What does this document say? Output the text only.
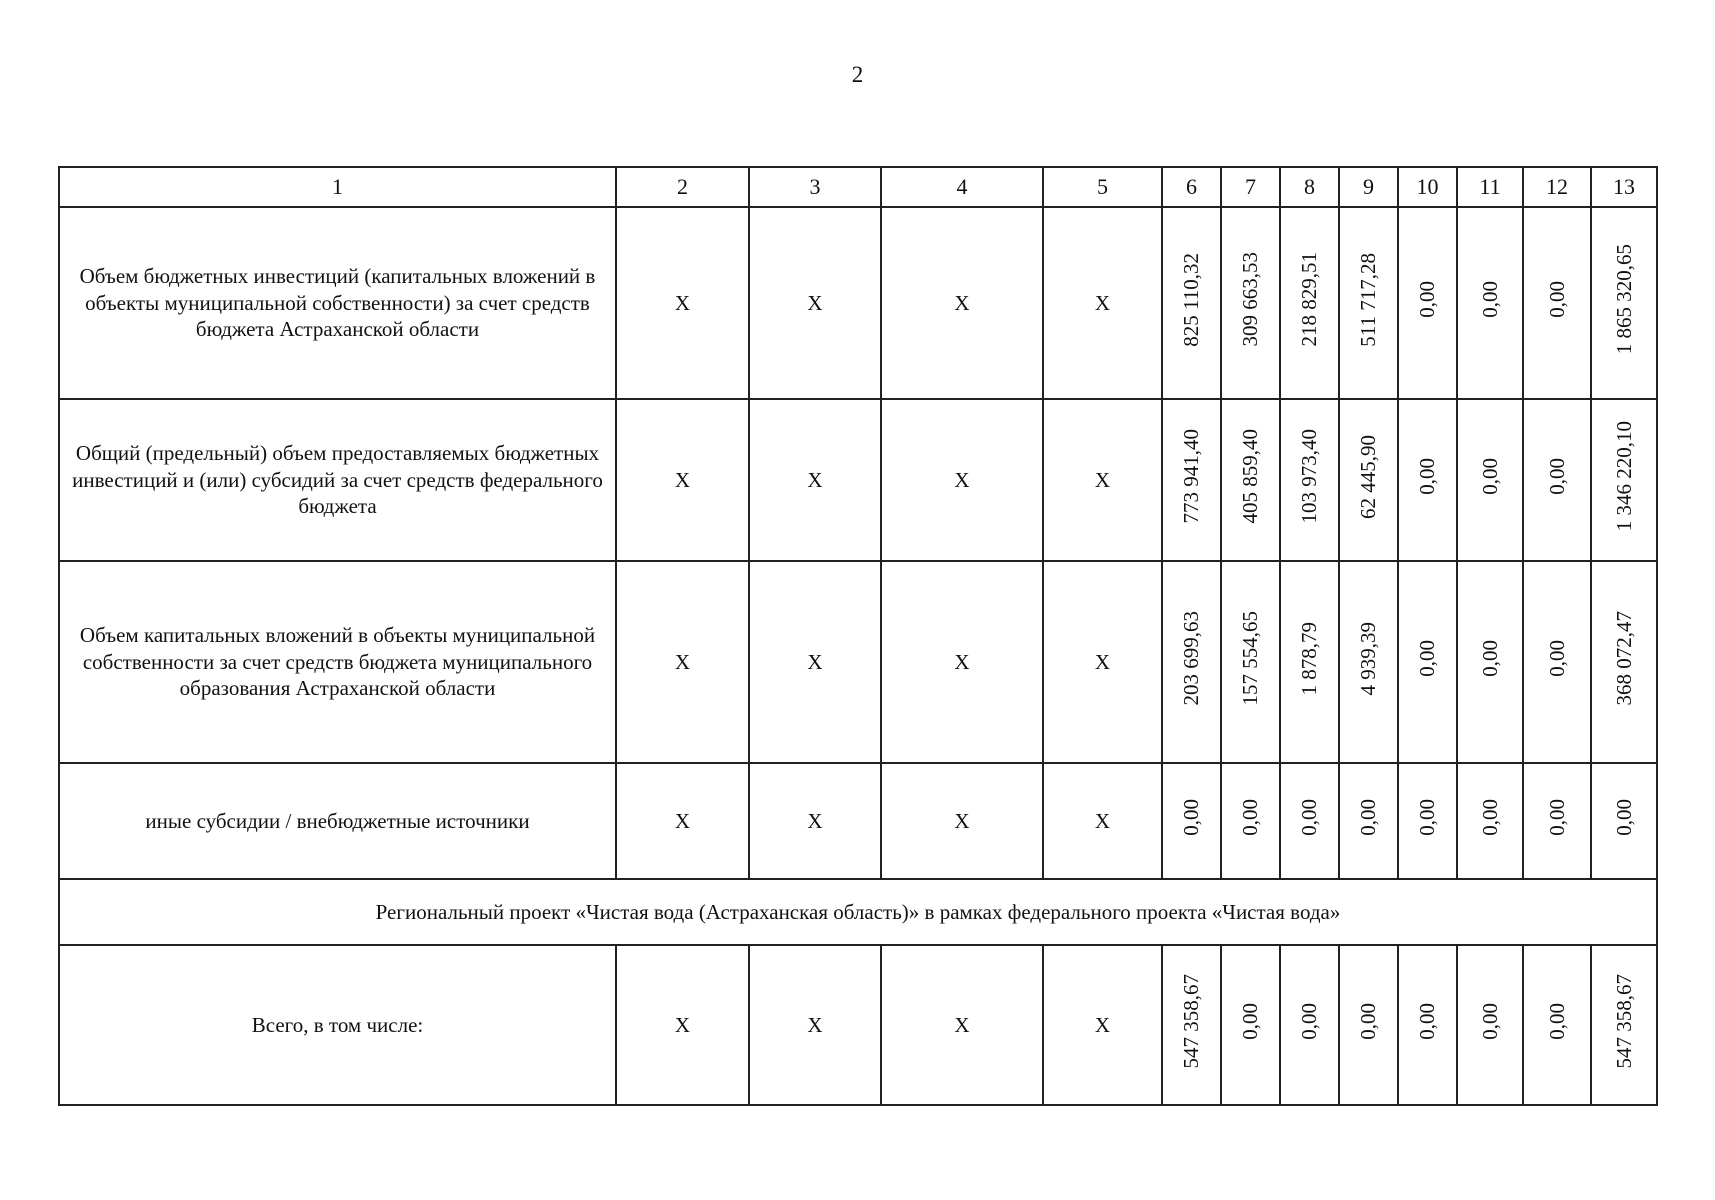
2
1	2	3	4	5	6	7	8	9	10	11	12	13
Объем бюджетных инвестиций (капитальных вложений в объекты муниципальной собственности) за счет средств бюджета Астраханской области	X	X	X	X	825 110,32	309 663,53	218 829,51	511 717,28	0,00	0,00	0,00	1 865 320,65
Общий (предельный) объем предоставляемых бюджетных инвестиций и (или) субсидий за счет средств федерального бюджета	X	X	X	X	773 941,40	405 859,40	103 973,40	62 445,90	0,00	0,00	0,00	1 346 220,10
Объем капитальных вложений в объекты муниципальной собственности за счет средств бюджета муниципального образования Астраханской области	X	X	X	X	203 699,63	157 554,65	1 878,79	4 939,39	0,00	0,00	0,00	368 072,47
иные субсидии / внебюджетные источники	X	X	X	X	0,00	0,00	0,00	0,00	0,00	0,00	0,00	0,00
Региональный проект «Чистая вода (Астраханская область)» в рамках федерального проекта «Чистая вода»												
Всего, в том числе:	X	X	X	X	547 358,67	0,00	0,00	0,00	0,00	0,00	0,00	547 358,67
